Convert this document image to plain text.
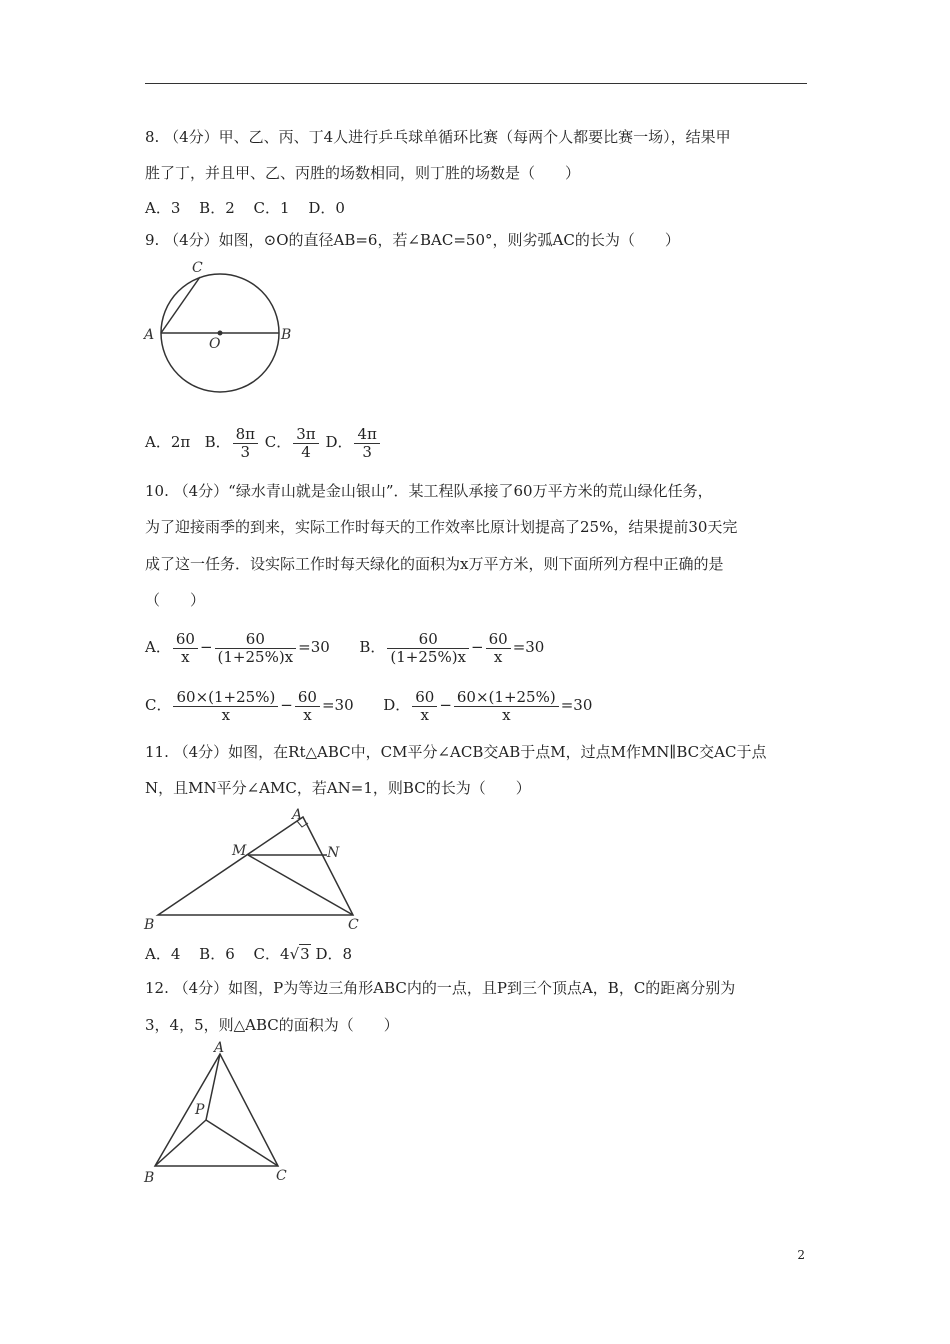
8. （4分）甲、乙、丙、丁4人进行乒乓球单循环比赛（每两个人都要比赛一场），结果甲
胜了丁，并且甲、乙、丙胜的场数相同，则丁胜的场数是（　　）
A．3 B．2 C．1 D．0
9. （4分）如图，⊙O的直径AB=6，若∠BAC=50°，则劣弧AC的长为（　　）
C
A
O
B
A．2π B． $\frac{8\pi}{3}$ C． $\frac{3\pi}{4}$ D． $\frac{4\pi}{3}$
10. （4分）“绿水青山就是金山银山”．某工程队承接了60万平方米的荒山绿化任务，
为了迎接雨季的到来，实际工作时每天的工作效率比原计划提高了25%，结果提前30天完
成了这一任务．设实际工作时每天绿化的面积为x万平方米，则下面所列方程中正确的是
（　　）
A． $\frac{60}{x} - \frac{60}{(1+25\%)x} =30$ B． $\frac{60}{(1+25\%)x} - \frac{60}{x} =30$
C． $\frac{60\times(1+25\%)}{x} - \frac{60}{x} =30$ D． $\frac{60}{x} - \frac{60\times(1+25\%)}{x} =30$
11. （4分）如图，在Rt△ABC中，CM平分∠ACB交AB于点M，过点M作MN∥BC交AC于点
N，且MN平分∠AMC，若AN=1，则BC的长为（　　）
A
M	N
B	C
A．4 B．6 C．4√3 D．8
12. （4分）如图，P为等边三角形ABC内的一点，且P到三个顶点A，B，C的距离分别为
3，4，5，则△ABC的面积为（　　）
A
P
B	C
2
